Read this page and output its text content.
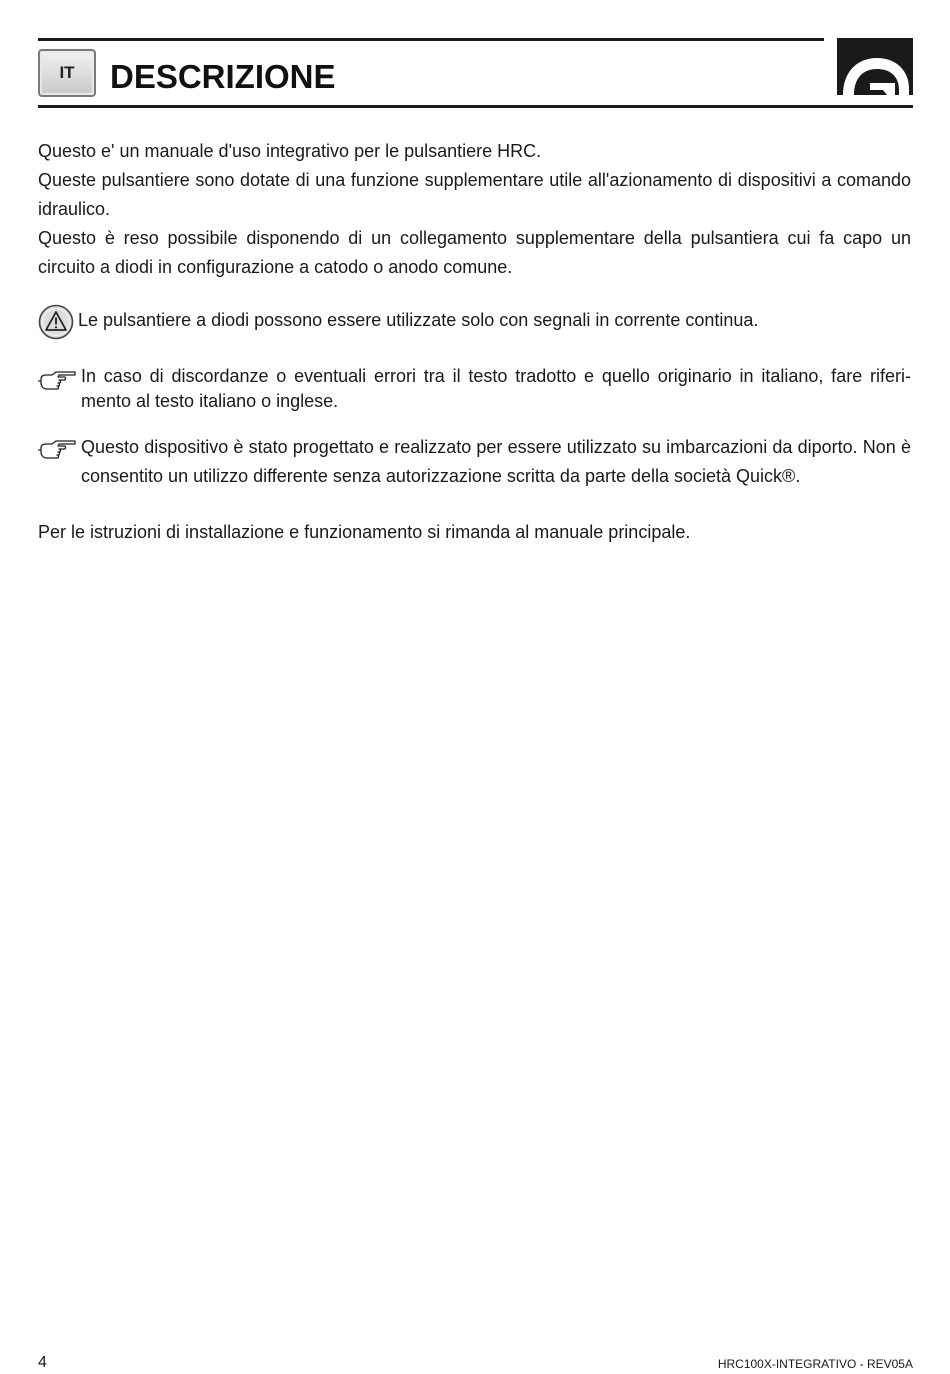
IT DESCRIZIONE

Questo e' un manuale d'uso integrativo per le pulsantiere HRC.

Queste pulsantiere sono dotate di una funzione supplementare utile all'azionamento di dispositivi a comando idraulico.

Questo è reso possibile disponendo di un collegamento supplementare della pulsantiera cui fa capo un circuito a diodi in configurazione a catodo o anodo comune.

Le pulsantiere a diodi possono essere utilizzate solo con segnali in corrente continua.
In caso di discordanze o eventuali errori tra il testo tradotto e quello originario in italiano, fare riferi-mento al testo italiano o inglese.
Questo dispositivo è stato progettato e realizzato per essere utilizzato su imbarcazioni da diporto. Non è consentito un utilizzo differente senza autorizzazione scritta da parte della società Quick®.
Per le istruzioni di installazione e funzionamento si rimanda al manuale principale.
4	HRC100X-INTEGRATIVO - REV05A
